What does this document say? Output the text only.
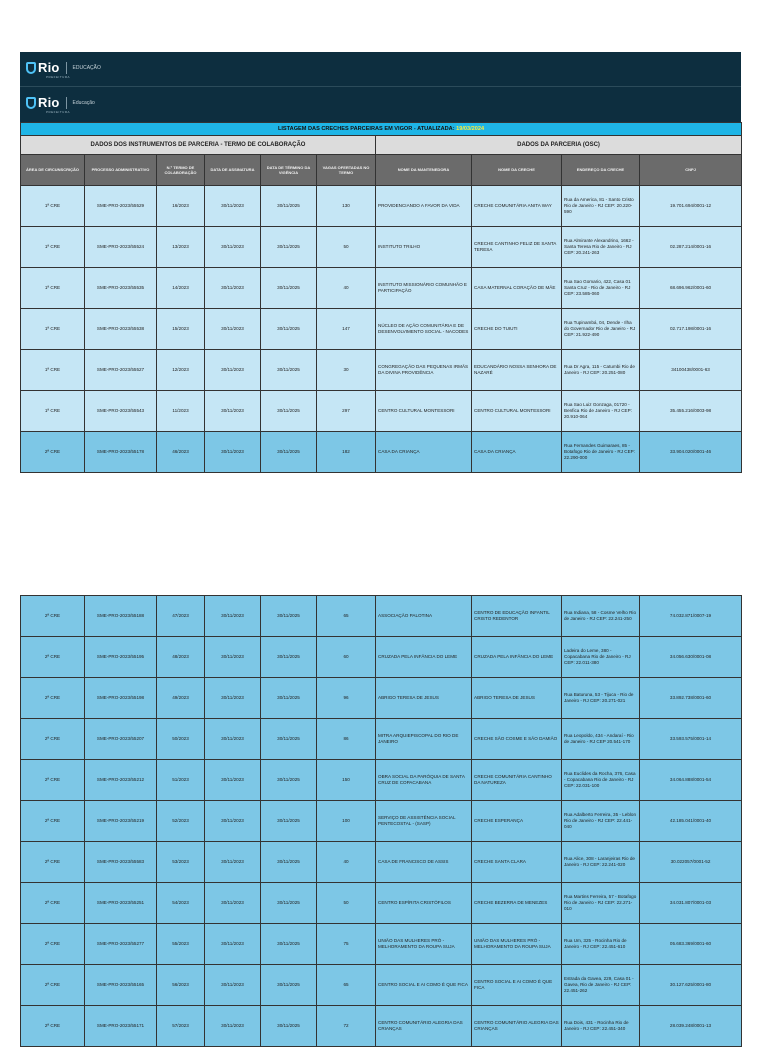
Rio
PREFEITURA
EDUCAÇÃO
Rio
PREFEITURA
Educação
LISTAGEM DAS CRECHES PARCEIRAS EM VIGOR - ATUALIZADA: 19/03/2024									
DADOS DOS INSTRUMENTOS DE PARCERIA - TERMO DE COLABORAÇÃO						DADOS DA PARCERIA (OSC)			
ÁREA DE CIRCUNSCRIÇÃO	PROCESSO ADMINISTRATIVO	N.º TERMO DE COLABORAÇÃO	DATA DE ASSINATURA	DATA DE TÉRMINO DA VIGÊNCIA	VAGAS OFERTADAS NO TERMO	NOME DA MANTENEDORA	NOME DA CRECHE	ENDEREÇO DA CRECHE	CNPJ
1ª CRE	SME-PRO-2023/55529	16/2023	30/11/2023	30/11/2025	130	PROVIDENCIANDO A FAVOR DA VIDA	CRECHE COMUNITÁRIA ANITA WAY	Rua da America, 81 - Santo Cristo Rio de Janeiro - RJ CEP: 20.220-590	19.701.694/0001-12
1ª CRE	SME-PRO-2023/55524	13/2023	30/11/2023	30/11/2025	50	INSTITUTO TRILHO	CRECHE CANTINHO FELIZ DE SANTA TERESA	Rua Almirante Alexandrino, 1662 - Santa Teresa Rio de Janeiro - RJ CEP: 20.241-263	02.287.214/0001-16
1ª CRE	SME-PRO-2023/55535	14/2023	30/11/2023	30/11/2025	40	INSTITUTO MISSIONÁRIO COMUNHÃO E PARTICIPAÇÃO	CASA MATERNAL CORAÇÃO DE MÃE	Rua Sao Gomario, 422, Casa 01 Santa Cruz - Rio de Janeiro - RJ CEP: 23.585-060	68.696.962/0001-60
1ª CRE	SME-PRO-2023/55538	15/2023	30/11/2023	30/11/2025	147	NÚCLEO DE AÇÃO COMUNITÁRIA E DE DESENVOLVIMENTO SOCIAL - NACODES	CRECHE DO TUIUTI	Rua Tupinambá, 04, Dende - Ilha do Governador Rio de Janeiro - RJ CEP: 21.922-490	02.717.198/0001-16
1ª CRE	SME-PRO-2023/55527	12/2023	30/11/2023	30/11/2025	30	CONGREGAÇÃO DAS PEQUENAS IRMÃS DA DIVINA PROVIDÊNCIA	EDUCANDÁRIO NOSSA SENHORA DE NAZARÉ	Rua Dr Agra, 115 - Catumbi Rio de Janeiro - RJ CEP: 20.251-080	34100438/0001-63
1ª CRE	SME-PRO-2023/55543	11/2023	30/11/2023	30/11/2025	297	CENTRO CULTURAL MONTESSORI	CENTRO CULTURAL MONTESSORI	Rua Sao Luiz Gonzaga, 01720 - Benfica Rio de Janeiro - RJ CEP: 20.910-064	35.455.216/0003-98
2ª CRE	SME-PRO-2023/55178	46/2023	30/11/2023	30/11/2025	182	CASA DA CRIANÇA	CASA DA CRIANÇA	Rua Fernandes Guimaraes, 85 - Botafogo Rio de Janeiro - RJ CEP: 22.290-000	33.904.020/0001-46
2ª CRE	SME-PRO-2023/55188	47/2023	30/11/2023	30/11/2025	65	ASSOCIAÇÃO PALOTINA	CENTRO DE EDUCAÇÃO INFANTIL CRISTO REDENTOR	Rua Indiana, 58 - Cosme Velho Rio de Janeiro - RJ CEP: 22.241-250	74.032.871/0007-19
2ª CRE	SME-PRO-2023/55195	48/2023	30/11/2023	30/11/2025	60	CRUZADA PELA INFÂNCIA DO LEME	CRUZADA PELA INFÂNCIA DO LEME	Ladeira do Leme, 380 - Copacabana Rio de Janeiro - RJ CEP: 22.011-380	34.056.630/0001-08
2ª CRE	SME-PRO-2023/55198	49/2023	30/11/2023	30/11/2025	96	ABRIGO TERESA DE JESUS	ABRIGO TERESA DE JESUS	Rua Baturuna, 53 - Tijuca - Rio de Janeiro - RJ CEP: 20.271-021	33.892.738/0001-60
2ª CRE	SME-PRO-2023/55207	50/2023	30/11/2023	30/11/2025	86	MITRA ARQUIEPISCOPAL DO RIO DE JANEIRO	CRECHE SÃO COSME E SÃO DAMIÃO	Rua Leopoldo, 434 - Andaraí - Rio de Janeiro - RJ CEP 20.541-170	33.593.575/0001-14
2ª CRE	SME-PRO-2023/55212	51/2023	30/11/2023	30/11/2025	150	OBRA SOCIAL DA PARÓQUIA DE SANTA CRUZ DE COPACABANA	CRECHE COMUNITÁRIA CANTINHO DA NATUREZA	Rua Euclides da Rocha, 376, Casa - Copacabana Rio de Janeiro - RJ CEP: 22.031-100	34.064.888/0001-54
2ª CRE	SME-PRO-2023/55219	52/2023	30/11/2023	30/11/2025	100	SERVIÇO DE ASSISTÊNCIA SOCIAL PENTECOSTAL - (SASP)	CRECHE ESPERANÇA	Rua Adalberto Ferreira, 35 - Leblon Rio de Janeiro - RJ CEP: 22.441-040	42.185.041/0001-40
2ª CRE	SME-PRO-2023/55583	53/2023	30/11/2023	30/11/2025	40	CASA DE FRANCISCO DE ASSIS	CRECHE SANTA CLARA	Rua Alice, 308 - Laranjeiras Rio de Janeiro - RJ CEP: 22.241-020	30.022057/0001-52
2ª CRE	SME-PRO-2023/55251	54/2023	30/11/2023	30/11/2025	50	CENTRO ESPÍRITA CRISTÓFILOS	CRECHE BEZERRA DE MENEZES	Rua Martins Ferreira, 57 - Botafogo Rio de Janeiro - RJ CEP: 22.271-010	34.031.807/0001-03
2ª CRE	SME-PRO-2023/55277	55/2023	30/11/2023	30/11/2025	75	UNIÃO DAS MULHERES PRÓ - MELHORAMENTO DA ROUPA SUJA	UNIÃO DAS MULHERES PRÓ - MELHORAMENTO DA ROUPA SUJA	Rua Um, 325 - Rocinha Rio de Janeiro - RJ CEP: 22.451-610	05.683.369/0001-60
2ª CRE	SME-PRO-2023/55165	56/2023	30/11/2023	30/11/2025	65	CENTRO SOCIAL E AI COMO É QUE FICA	CENTRO SOCIAL E AI COMO É QUE FICA	Estrada da Gavea, 229, Casa 01 - Gavea, Rio de Janeiro - RJ CEP: 22.451-262	30.127.625/0001-80
2ª CRE	SME-PRO-2023/55171	57/2023	30/11/2023	30/11/2025	72	CENTRO COMUNITÁRIO ALEGRIA DAS CRIANÇAS	CENTRO COMUNITÁRIO ALEGRIA DAS CRIANÇAS	Rua Dois, 431 - Rocinha Rio de Janeiro - RJ CEP: 22.451-340	28.039.248/0001-13
